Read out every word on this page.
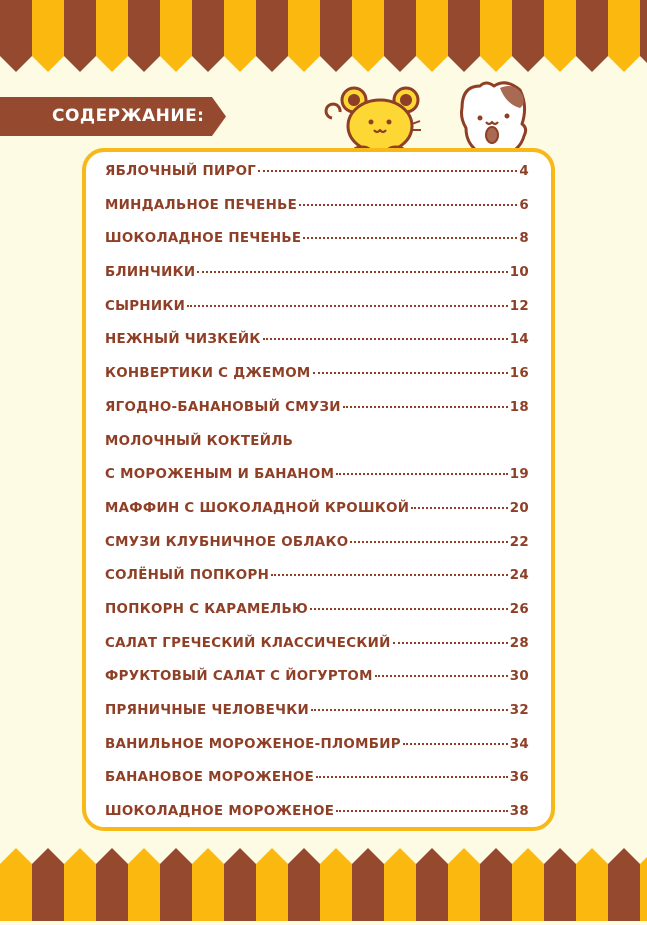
СОДЕРЖАНИЕ:
ЯБЛОЧНЫЙ ПИРОГ	4
МИНДАЛЬНОЕ ПЕЧЕНЬЕ	6
ШОКОЛАДНОЕ ПЕЧЕНЬЕ	8
БЛИНЧИКИ	10
СЫРНИКИ	12
НЕЖНЫЙ ЧИЗКЕЙК	14
КОНВЕРТИКИ С ДЖЕМОМ	16
ЯГОДНО-БАНАНОВЫЙ СМУЗИ	18
МОЛОЧНЫЙ КОКТЕЙЛЬ
С МОРОЖЕНЫМ И БАНАНОМ	19
МАФФИН С ШОКОЛАДНОЙ КРОШКОЙ	20
СМУЗИ КЛУБНИЧНОЕ ОБЛАКО	22
СОЛЁНЫЙ ПОПКОРН	24
ПОПКОРН С КАРАМЕЛЬЮ	26
САЛАТ ГРЕЧЕСКИЙ КЛАССИЧЕСКИЙ	28
ФРУКТОВЫЙ САЛАТ С ЙОГУРТОМ	30
ПРЯНИЧНЫЕ ЧЕЛОВЕЧКИ	32
ВАНИЛЬНОЕ МОРОЖЕНОЕ-ПЛОМБИР	34
БАНАНОВОЕ МОРОЖЕНОЕ	36
ШОКОЛАДНОЕ МОРОЖЕНОЕ	38
